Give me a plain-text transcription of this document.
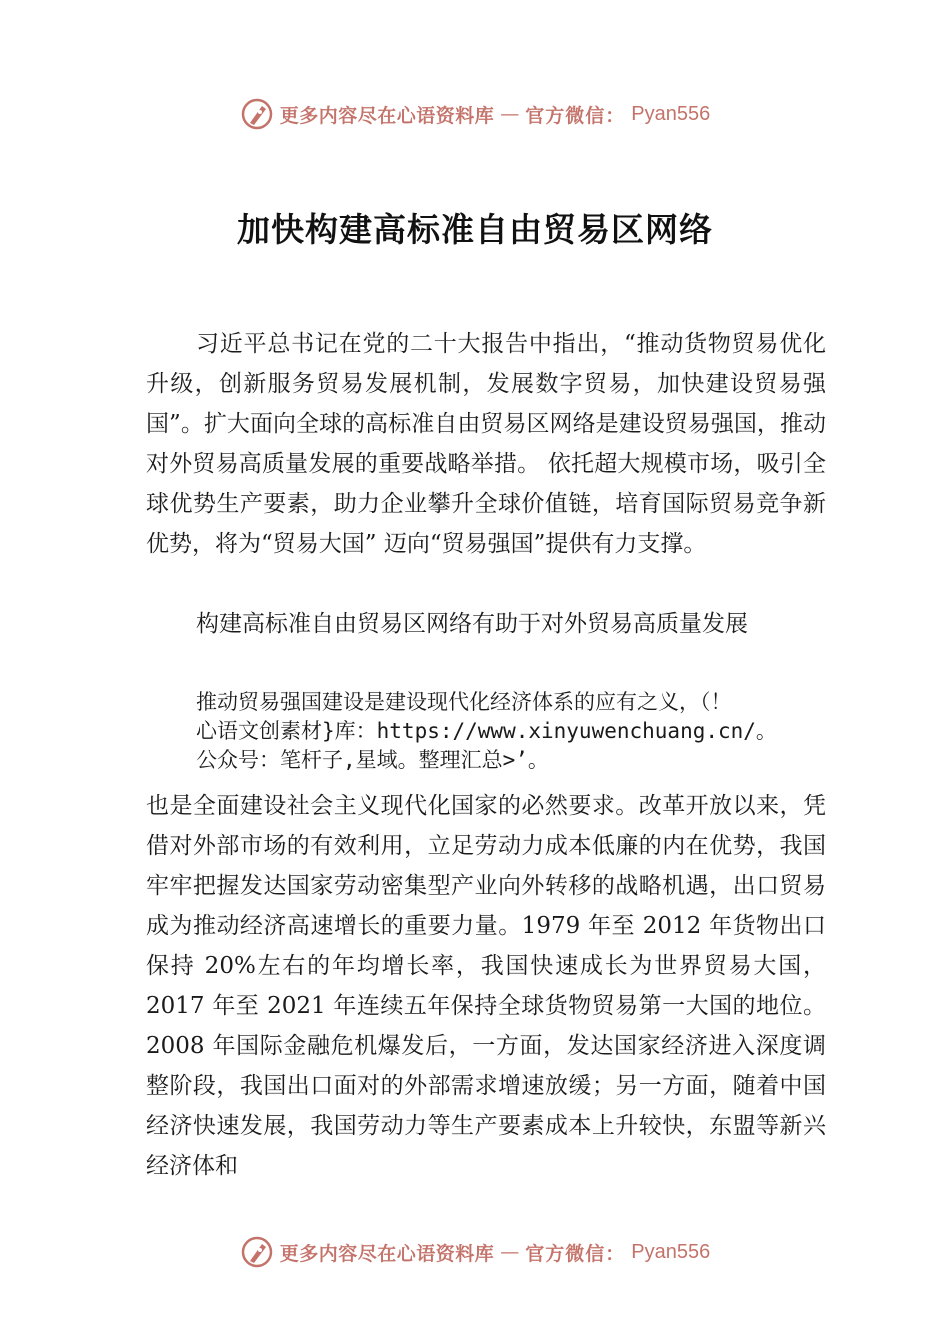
更多内容尽在心语资料库 — 官方微信： Pyan556
加快构建高标准自由贸易区网络

习近平总书记在党的二十大报告中指出，“推动货物贸易优化升级，创新服务贸易发展机制，发展数字贸易，加快建设贸易强国”。扩大面向全球的高标准自由贸易区网络是建设贸易强国，推动对外贸易高质量发展的重要战略举措。 依托超大规模市场，吸引全球优势生产要素，助力企业攀升全球价值链，培育国际贸易竞争新优势，将为“贸易大国” 迈向“贸易强国”提供有力支撑。

构建高标准自由贸易区网络有助于对外贸易高质量发展

推动贸易强国建设是建设现代化经济体系的应有之义，（！
心语文创素材}库：https://www.xinyuwenchuang.cn/。
公众号：笔杆子,星域。整理汇总>’。

也是全面建设社会主义现代化国家的必然要求。改革开放以来，凭借对外部市场的有效利用，立足劳动力成本低廉的内在优势，我国牢牢把握发达国家劳动密集型产业向外转移的战略机遇，出口贸易成为推动经济高速增长的重要力量。1979 年至 2012 年货物出口保持 20%左右的年均增长率，我国快速成长为世界贸易大国，2017 年至 2021 年连续五年保持全球货物贸易第一大国的地位。2008 年国际金融危机爆发后，一方面，发达国家经济进入深度调整阶段，我国出口面对的外部需求增速放缓；另一方面，随着中国经济快速发展，我国劳动力等生产要素成本上升较快，东盟等新兴经济体和

更多内容尽在心语资料库 — 官方微信： Pyan556
